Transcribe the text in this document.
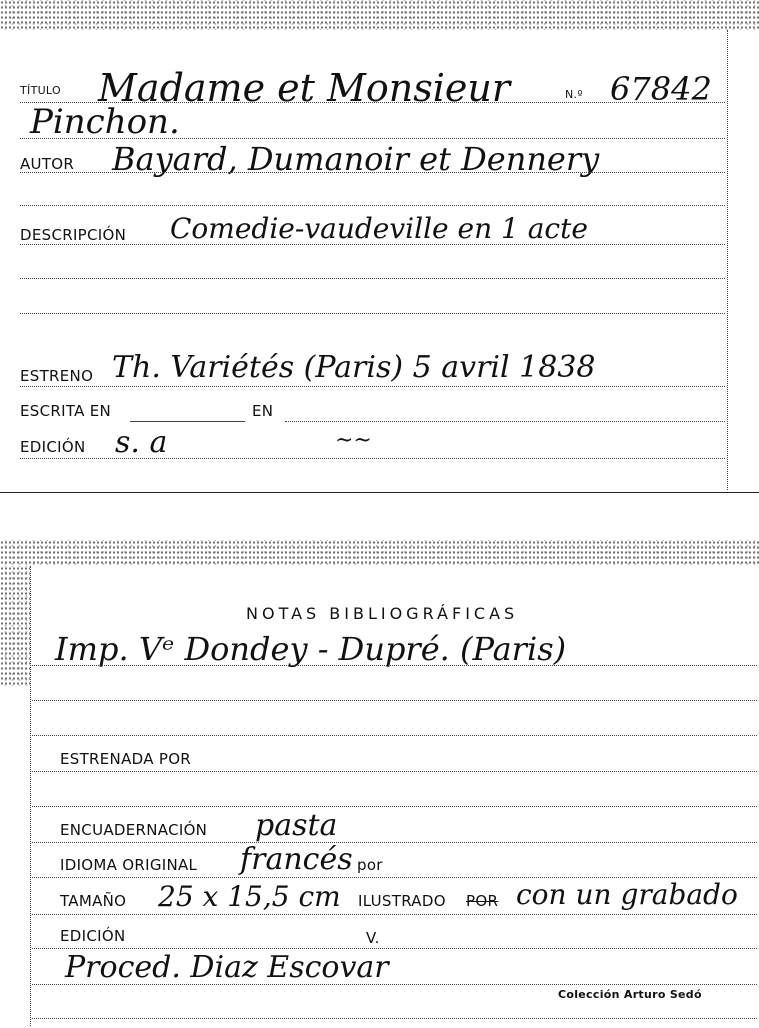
TÍTULO Madame et Monsieur	N.º 67842
Pinchon.
AUTOR Bayard, Dumanoir et Dennery
DESCRIPCIÓN Comedie-vaudeville en 1 acte
ESTRENO Th. Variétés (Paris) 5 avril 1838
ESCRITA EN	EN
EDICIÓN s. a	~~
NOTAS BIBLIOGRÁFICAS
Imp. Vᵉ Dondey - Dupré. (Paris)
ESTRENADA POR
ENCUADERNACIÓN pasta
IDIOMA ORIGINAL francés por
TAMAÑO 25 x 15,5 cm ILUSTRADO POR con un grabado
EDICIÓN	V.
Proced. Diaz Escovar
Colección Arturo Sedó
